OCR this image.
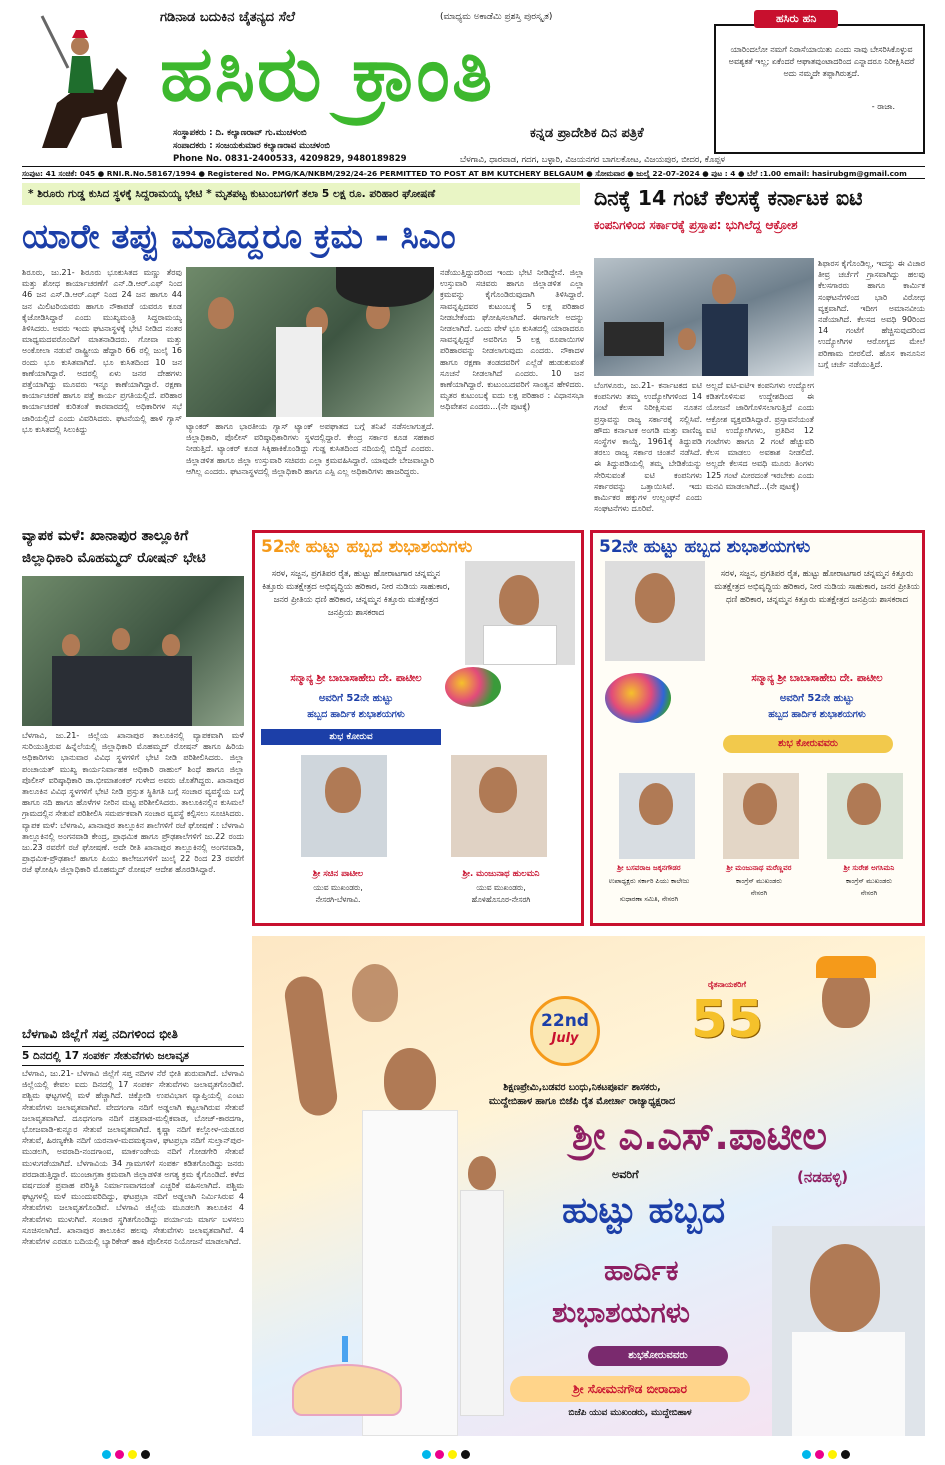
ಗಡಿನಾಡ ಬದುಕಿನ ಚೈತನ್ಯದ ಸೆಲೆ	(ಮಾಧ್ಯಮ ಅಕಾಡೆಮಿ ಪ್ರಶಸ್ತಿ ಪುರಸ್ಕೃತ)
ಹಸಿರು ಕ್ರಾಂತಿ
ಕನ್ನಡ ಪ್ರಾದೇಶಿಕ ದಿನ ಪತ್ರಿಕೆ
ಸಂಸ್ಥಾಪಕರು : ದಿ. ಕಲ್ಯಾಣರಾವ್ ಗು.ಮುಚಳಂಬಿ
ಸಂಪಾದಕರು : ಸಂಜಯಕುಮಾರ ಕಲ್ಯಾಣರಾವ ಮುಚಳಂಬಿ
Phone No. 0831-2400533, 4209829, 9480189829	ಬೆಳಗಾವಿ, ಧಾರವಾಡ, ಗದಗ, ಬಳ್ಳಾರಿ, ವಿಜಯನಗರ ಬಾಗಲಕೋಟ, ವಿಜಯಪುರ, ಬೀದರ, ಕೊಪ್ಪಳ
ಹಸಿರು ಹನಿ
ಯಾರಿಂದಲೋ ನಮಗೆ ನಿರಾಸೆಯಾಯಿತು ಎಂದು ನಾವು ಬೇಸರಿಸಿಕೊಳ್ಳುವ ಅವಶ್ಯಕತೆ ಇಲ್ಲ; ಏಕೆಂದರೆ ಆಘಾತವುಂಟಾದರಿಂದ ಎನ್ನಾದರೂ ನಿರೀಕ್ಷಿಸಿದರೆ ಅದು ನಮ್ಮದೇ ತಪ್ಪಾಗಿರುತ್ತದೆ.
- ರಾಜಾ.
ಸಂಪುಟ: 41 ಸಂಚಿಕೆ: 045 ● RNI.R.No.58167/1994 ● Registered No. PMG/KA/NKBM/292/24-26 PERMITTED TO POST AT BM KUTCHERY BELGAUM ● ಸೋಮವಾರ ● ಜುಲೈ 22-07-2024 ● ಪುಟ : 4 ● ಬೆಲೆ :1.00 email: hasirubgm@gmail.com
* ಶಿರೂರು ಗುಡ್ಡ ಕುಸಿದ ಸ್ಥಳಕ್ಕೆ ಸಿದ್ದರಾಮಯ್ಯ ಭೇಟಿ * ಮೃತಪಟ್ಟ ಕುಟುಂಬಗಳಿಗೆ ತಲಾ 5 ಲಕ್ಷ ರೂ. ಪರಿಹಾರ ಘೋಷಣೆ
ಯಾರೇ ತಪ್ಪು ಮಾಡಿದ್ದರೂ ಕ್ರಮ - ಸಿಎಂ
ಶಿರೂರು, ಜು.21- ಶಿರೂರು ಭೂಕುಸಿತದ ಮಣ್ಣು ತೆರವು ಮತ್ತು ಶೋಧ ಕಾರ್ಯಾಚರಣೆಗೆ ಎನ್.ಡಿ.ಆರ್.ಎಫ್ ನಿಂದ 46 ಜನ ಎಸ್.ಡಿ.ಆರ್.ಎಫ್ ನಿಂದ 24 ಜನ ಹಾಗೂ 44 ಜನ ಮಿಲಿಟರಿಯವರು ಹಾಗೂ ನೌಕಾಪಡೆ ಯವರೂ ಕೂಡ ಕೈಜೋಡಿಸಿದ್ದಾರೆ ಎಂದು ಮುಖ್ಯಮಂತ್ರಿ ಸಿದ್ದರಾಮಯ್ಯ ತಿಳಿಸಿದರು. ಅವರು ಇಂದು ಘಟನಾಸ್ಥಳಕ್ಕೆ ಭೇಟಿ ನೀಡಿದ ನಂತರ ಮಾಧ್ಯಮದವರೊಂದಿಗೆ ಮಾತನಾಡಿದರು. ಗೋವಾ ಮತ್ತು ಅಂಕೋಲಾ ನಡುವೆ ರಾಷ್ಟ್ರೀಯ ಹೆದ್ದಾರಿ 66 ರಲ್ಲಿ ಜುಲೈ 16 ರಂದು ಭೂ ಕುಸಿತವಾಗಿದೆ. ಭೂ ಕುಸಿತದಿಂದ 10 ಜನ ಕಾಣೆಯಾಗಿದ್ದಾರೆ. ಅದರಲ್ಲಿ ಏಳು ಜನರ ದೇಹಗಳು ಪತ್ತೆಯಾಗಿದ್ದು ಮೂವರು ಇನ್ನೂ ಕಾಣೆಯಾಗಿದ್ದಾರೆ. ರಕ್ಷಣಾ ಕಾರ್ಯಾಚರಣೆ ಹಾಗೂ ಪತ್ತೆ ಕಾರ್ಯ ಪ್ರಗತಿಯಲ್ಲಿದೆ. ಪರಿಹಾರ ಕಾರ್ಯಾಚರಣೆ ಕುರಿತಂತೆ ಕಾರವಾರದಲ್ಲಿ ಅಧಿಕಾರಿಗಳ ಸಭೆ ಜಾರಿಯಲ್ಲಿದೆ ಎಂದು ವಿವರಿಸಿದರು. ಘಟನೆಯಲ್ಲಿ ಹಾಳಿ ಗ್ಯಾಸ್ ಭೂ ಕುಸಿತದಲ್ಲಿ ಸಿಲುಕಿದ್ದು	ಟ್ಯಾಂಕರ್ ಹಾಗೂ ಭಾರತೀಯ ಗ್ಯಾಸ್ ಟ್ಯಾಂಕ್ ಅಪಘಾತದ ಬಗ್ಗೆ ತನಿಖೆ ನಡೆಸಲಾಗುತ್ತದೆ. ಜಿಲ್ಲಾಧಿಕಾರಿ, ಪೊಲೀಸ್ ವರಿಷ್ಠಾಧಿಕಾರಿಗಳು ಸ್ಥಳದಲ್ಲಿದ್ದಾರೆ. ಕೇಂದ್ರ ಸರ್ಕಾರ ಕೂಡ ಸಹಕಾರ ನೀಡುತ್ತಿದೆ. ಟ್ಯಾಂಕರ್ ಕೂಡ ಸಿಕ್ಕಿಹಾಕಿಕೊಂಡಿದ್ದು ಗುಡ್ಡ ಕುಸಿತದಿಂದ ನದಿಯಲ್ಲಿ ಬಿದ್ದಿದೆ ಎಂದರು. ಜಿಲ್ಲಾಡಳಿತ ಹಾಗೂ ಜಿಲ್ಲಾ ಉಸ್ತುವಾರಿ ಸಚಿವರು ಎಲ್ಲಾ ಕ್ರಮವಹಿಸಿದ್ದಾರೆ. ಯಾವುದೇ ಬೇಜವಾಬ್ದಾರಿ ಆಗಿಲ್ಲ ಎಂದರು. ಘಟನಾಸ್ಥಳದಲ್ಲಿ ಜಿಲ್ಲಾಧಿಕಾರಿ ಹಾಗೂ ಎಸ್ಪಿ ಎಲ್ಲ ಅಧಿಕಾರಿಗಳು ಹಾಜರಿದ್ದರು.
ನಡೆಯುತ್ತಿದ್ದುದರಿಂದ ಇಂದು ಭೇಟಿ ನೀಡಿದ್ದೇನೆ. ಜಿಲ್ಲಾ ಉಸ್ತುವಾರಿ ಸಚಿವರು ಹಾಗೂ ಜಿಲ್ಲಾಡಳಿತ ಎಲ್ಲಾ ಕ್ರಮವನ್ನು ಕೈಗೊಂಡಿರುವುದಾಗಿ ತಿಳಿಸಿದ್ದಾರೆ. ಸಾವನ್ನಪ್ಪಿದವರ ಕುಟುಂಬಕ್ಕೆ 5 ಲಕ್ಷ ಪರಿಹಾರ ನೀಡಬೇಕೆಂದು ಘೋಷಿಸಲಾಗಿದೆ. ಈಗಾಗಲೇ ಅದನ್ನು ನೀಡಲಾಗಿದೆ. ಒಂದು ವೇಳೆ ಭೂ ಕುಸಿತದಲ್ಲಿ ಯಾರಾದರೂ ಸಾವನ್ನಪ್ಪಿದ್ದರೆ ಅವರಿಗೂ 5 ಲಕ್ಷ ರೂಪಾಯಿಗಳ ಪರಿಹಾರವನ್ನು ನೀಡಲಾಗುವುದು ಎಂದರು. ನೌಕಾದಳ ಹಾಗೂ ರಕ್ಷಣಾ ತಂಡದವರಿಗೆ ಎಲ್ಲೆಡೆ ಹುಡುಕುವಂತೆ ಸೂಚನೆ ನೀಡಲಾಗಿದೆ ಎಂದರು. 10 ಜನ ಕಾಣೆಯಾಗಿದ್ದಾರೆ. ಕುಟುಂಬದವರಿಗೆ ಸಾಂತ್ವನ ಹೇಳಿದರು. ಮೃತರ ಕುಟುಂಬಕ್ಕೆ ಐದು ಲಕ್ಷ ಪರಿಹಾರ : ವಿಧಾನಸಭಾ ಅಧಿವೇಶನ ಎಂದರು...(ನೇ ಪುಟಕ್ಕೆ)
ದಿನಕ್ಕೆ 14 ಗಂಟೆ ಕೆಲಸಕ್ಕೆ ಕರ್ನಾಟಕ ಐಟಿ
ಕಂಪನಿಗಳಿಂದ ಸರ್ಕಾರಕ್ಕೆ ಪ್ರಸ್ತಾಪ: ಭುಗಿಲೆದ್ದ ಆಕ್ರೋಶ
ಶಿಫಾರಸ ಕೈಗೊಂಡಿಲ್ಲ, ಇದನ್ನು ಈ ವಿಚಾರ ತೀವ್ರ ಚರ್ಚೆಗೆ ಗ್ರಾಸವಾಗಿದ್ದು ಹಲವು ಕೆಲಸಗಾರರು ಹಾಗೂ ಕಾರ್ಮಿಕ ಸಂಘಟನೆಗಳಿಂದ ಭಾರಿ ವಿರೋಧ ವ್ಯಕ್ತವಾಗಿದೆ. ಇದೀಗ ಅಮಾನವೀಯ ನಡೆಯಾಗಿದೆ. ಕೆಲಸದ ಅವಧಿ 90ರಿಂದ 14 ಗಂಟೆಗೆ ಹೆಚ್ಚಿಸುವುದರಿಂದ ಉದ್ಯೋಗಿಗಳ ಆರೋಗ್ಯದ ಮೇಲೆ ಪರಿಣಾಮ ಬೀರಲಿದೆ. ಹೊಸ ಕಾನೂನಿನ ಬಗ್ಗೆ ಚರ್ಚೆ ನಡೆಯುತ್ತಿದೆ.
ಬೆಂಗಳೂರು, ಜು.21- ಕರ್ನಾಟಕದ ಐಟಿ ಕಂಪನಿಗಳು ತಮ್ಮ ಉದ್ಯೋಗಿಗಳಿಂದ 14 ಗಂಟೆ ಕೆಲಸ ನಿರೀಕ್ಷಿಸುವ ನೂತನ ಪ್ರಸ್ತಾವನ್ನು ರಾಜ್ಯ ಸರ್ಕಾರಕ್ಕೆ ಸಲ್ಲಿಸಿವೆ. ಹೌದು ಕರ್ನಾಟಕ ಅಂಗಡಿ ಮತ್ತು ವಾಣಿಜ್ಯ ಸಂಸ್ಥೆಗಳ ಕಾಯ್ದೆ, 1961ಕ್ಕೆ ತಿದ್ದುಪಡಿ ತರಲು ರಾಜ್ಯ ಸರ್ಕಾರ ಚಿಂತನೆ ನಡೆಸಿದೆ. ಈ ತಿದ್ದುಪಡಿಯಲ್ಲಿ ತಮ್ಮ ಬೇಡಿಕೆಯನ್ನು ಸೇರಿಸುವಂತೆ ಐಟಿ ಕಂಪನಿಗಳು ಸರ್ಕಾರವನ್ನು ಒತ್ತಾಯಿಸಿವೆ. ಇದು ಕಾರ್ಮಿಕರ ಹಕ್ಕುಗಳ ಉಲ್ಲಂಘನೆ ಎಂದು ಸಂಘಟನೆಗಳು ದೂರಿವೆ.
ಅಲ್ಲದೆ ಐಟಿ-ಐಟಿಇ ಕಂಪನಿಗಳು ಉದ್ಯೋಗ ಕಡಿತಗೊಳಿಸುವ ಉದ್ದೇಶದಿಂದ ಈ ಯೋಜನೆ ಜಾರಿಗೊಳಿಸಲಾಗುತ್ತಿದೆ ಎಂದು ಆಕ್ರೋಶ ವ್ಯಕ್ತಪಡಿಸಿದ್ದಾರೆ. ಪ್ರಸ್ತಾವನೆಯಂತೆ ಐಟಿ ಉದ್ಯೋಗಿಗಳು, ಪ್ರತಿದಿನ 12 ಗಂಟೆಗಳು ಹಾಗೂ 2 ಗಂಟೆ ಹೆಚ್ಚುವರಿ ಕೆಲಸ ಮಾಡಲು ಅವಕಾಶ ನೀಡಲಿದೆ. ಅಲ್ಲದೇ ಕೆಲಸದ ಅವಧಿ ಮೂರು ತಿಂಗಳು 125 ಗಂಟೆ ಮೀರದಂತೆ ಇರಬೇಕು ಎಂದು ಮನವಿ ಮಾಡಲಾಗಿದೆ...(ನೇ ಪುಟಕ್ಕೆ)
ವ್ಯಾಪಕ ಮಳೆ: ಖಾನಾಪುರ ತಾಲ್ಲೂಕಿಗೆ
ಜಿಲ್ಲಾಧಿಕಾರಿ ಮೊಹಮ್ಮದ್ ರೋಷನ್ ಭೇಟಿ
ಬೆಳಗಾವಿ, ಜು.21- ಜಿಲ್ಲೆಯ ಖಾನಾಪುರ ತಾಲೂಕಿನಲ್ಲಿ ವ್ಯಾಪಕವಾಗಿ ಮಳೆ ಸುರಿಯುತ್ತಿರುವ ಹಿನ್ನೆಲೆಯಲ್ಲಿ ಜಿಲ್ಲಾಧಿಕಾರಿ ಮೊಹಮ್ಮದ್ ರೋಷನ್ ಹಾಗೂ ಹಿರಿಯ ಅಧಿಕಾರಿಗಳು ಭಾನುವಾರ ವಿವಿಧ ಸ್ಥಳಗಳಿಗೆ ಭೇಟಿ ನೀಡಿ ಪರಿಶೀಲಿಸಿದರು. ಜಿಲ್ಲಾ ಪಂಚಾಯತ್ ಮುಖ್ಯ ಕಾರ್ಯನಿರ್ವಾಹಕ ಅಧಿಕಾರಿ ರಾಹುಲ್ ಶಿಂಧೆ ಹಾಗೂ ಜಿಲ್ಲಾ ಪೊಲೀಸ್ ವರಿಷ್ಠಾಧಿಕಾರಿ ಡಾ.ಭೀಮಾಶಂಕರ್ ಗುಳೇದ ಅವರು ಜೊತೆಗಿದ್ದರು. ಖಾನಾಪುರ ತಾಲೂಕಿನ ವಿವಿಧ ಸ್ಥಳಗಳಿಗೆ ಭೇಟಿ ನೀಡಿ ಪ್ರಸ್ತುತ ಸ್ಥಿತಿಗತಿ ಬಗ್ಗೆ ಸಂಚಾರ ವ್ಯವಸ್ಥೆಯ ಬಗ್ಗೆ ಹಾಗೂ ನದಿ ಹಾಗೂ ಹೊಳೆಗಳ ನೀರಿನ ಮಟ್ಟ ಪರಿಶೀಲಿಸಿದರು. ತಾಲೂಕಿನಲ್ಲಿನ ಕುಸಿಮಲೆ ಗ್ರಾಮದಲ್ಲಿನ ಸೇತುವೆ ಪರಿಶೀಲಿಸಿ ಸಮರ್ಪಕವಾಗಿ ಸಂಚಾರ ವ್ಯವಸ್ಥೆ ಕಲ್ಪಿಸಲು ಸೂಚಿಸಿದರು. ವ್ಯಾಪಕ ಮಳೆ: ಬೆಳಗಾವಿ, ಖಾನಾಪುರ ತಾಲ್ಲೂಕಿನ ಶಾಲೆಗಳಿಗೆ ರಜೆ ಘೋಷಣೆ : ಬೆಳಗಾವಿ ತಾಲ್ಲೂಕಿನಲ್ಲಿ ಅಂಗನವಾಡಿ ಕೇಂದ್ರ, ಪ್ರಾಥಮಿಕ ಹಾಗೂ ಪ್ರೌಢಶಾಲೆಗಳಿಗೆ ಜು.22 ರಂದು ಜು.23 ರವರೆಗೆ ರಜೆ ಘೋಷಣೆ. ಅದೇ ರೀತಿ ಖಾನಾಪುರ ತಾಲ್ಲೂಕಿನಲ್ಲಿ ಅಂಗನವಾಡಿ, ಪ್ರಾಥಮಿಕ-ಪ್ರೌಢಶಾಲೆ ಹಾಗೂ ಪಿಯು ಕಾಲೇಜುಗಳಿಗೆ ಜುಲೈ 22 ರಿಂದ 23 ರವರೆಗೆ ರಜೆ ಘೋಷಿಸಿ ಜಿಲ್ಲಾಧಿಕಾರಿ ಮೊಹಮ್ಮದ್ ರೋಷನ್ ಆದೇಶ ಹೊರಡಿಸಿದ್ದಾರೆ.
ಬೆಳಗಾವಿ ಜಿಲ್ಲೆಗೆ ಸಪ್ತ ನದಿಗಳಿಂದ ಭೀತಿ
5 ದಿನದಲ್ಲಿ 17 ಸಂಪರ್ಕ ಸೇತುವೆಗಳು ಜಲಾವೃತ
ಬೆಳಗಾವಿ, ಜು.21- ಬೆಳಗಾವಿ ಜಿಲ್ಲೆಗೆ ಸಪ್ತ ನದಿಗಳ ನೆರೆ ಭೀತಿ ಶುರುವಾಗಿದೆ. ಬೆಳಗಾವಿ ಜಿಲ್ಲೆಯಲ್ಲಿ ಕೇವಲ ಐದು ದಿನದಲ್ಲಿ 17 ಸಂಪರ್ಕ ಸೇತುವೆಗಳು ಜಲಾವೃತಗೊಂಡಿವೆ. ಪಶ್ಚಿಮ ಘಟ್ಟಗಳಲ್ಲಿ ಮಳೆ ಹೆಚ್ಚಾಗಿದೆ. ಚಿಕ್ಕೋಡಿ ಉಪವಿಭಾಗ ವ್ಯಾಪ್ತಿಯಲ್ಲಿ ಎಂಟು ಸೇತುವೆಗಳು ಜಲಾವೃತವಾಗಿವೆ. ವೇದಗಂಗಾ ನದಿಗೆ ಅಡ್ಡಲಾಗಿ ಕಟ್ಟಲಾಗಿರುವ ಸೇತುವೆ ಜಲಾವೃತವಾಗಿದೆ. ದೂಧಗಂಗಾ ನದಿಗೆ ದತ್ತವಾಡ-ಮಲ್ಲಿಕವಾಡ, ಬೋಜ್-ಕಾರದಗಾ, ಭೋಜವಾಡಿ-ಕುನ್ನೂರ ಸೇತುವೆ ಜಲಾವೃತವಾಗಿದೆ. ಕೃಷ್ಣಾ ನದಿಗೆ ಕಲ್ಲೋಳ-ಯಡೂರ ಸೇತುವೆ, ಹಿರಣ್ಯಕೇಶಿ ನದಿಗೆ ಯರನಾಳ-ಮದಮಕ್ಕನಾಳ, ಘಟಪ್ರಭಾ ನದಿಗೆ ಸುಲ್ತಾನ್‌ಪುರ-ಮುಡಲಗಿ, ಅವರಾದಿ-ನಂದಗಾಂವ, ಮಾರ್ಕಂಡೇಯ ನದಿಗೆ ಗೋಡಗೇರಿ ಸೇತುವೆ ಮುಳುಗಡೆಯಾಗಿದೆ. ಬೆಳಗಾವಿಯ 34 ಗ್ರಾಮಗಳಿಗೆ ಸಂಪರ್ಕ ಕಡಿತಗೊಂಡಿದ್ದು ಜನರು ಪರದಾಡುತ್ತಿದ್ದಾರೆ. ಮುಂಜಾಗ್ರತಾ ಕ್ರಮವಾಗಿ ಜಿಲ್ಲಾಡಳಿತ ಅಗತ್ಯ ಕ್ರಮ ಕೈಗೊಂಡಿದೆ. ಕಳೆದ ವರ್ಷದಂತೆ ಪ್ರವಾಹ ಪರಿಸ್ಥಿತಿ ನಿರ್ಮಾಣವಾಗದಂತೆ ಎಚ್ಚರಿಕೆ ವಹಿಸಲಾಗಿದೆ. ಪಶ್ಚಿಮ ಘಟ್ಟಗಳಲ್ಲಿ ಮಳೆ ಮುಂದುವರಿದಿದ್ದು, ಘಟಪ್ರಭಾ ನದಿಗೆ ಅಡ್ಡಲಾಗಿ ನಿರ್ಮಿಸಿರುವ 4 ಸೇತುವೆಗಳು ಜಲಾವೃತಗೊಂಡಿವೆ. ಬೆಳಗಾವಿ ಜಿಲ್ಲೆಯ ಮೂಡಲಗಿ ತಾಲೂಕಿನ 4 ಸೇತುವೆಗಳು ಮುಳುಗಿವೆ. ಸಂಚಾರ ಸ್ಥಗಿತಗೊಂಡಿದ್ದು ಪರ್ಯಾಯ ಮಾರ್ಗ ಬಳಸಲು ಸೂಚಿಸಲಾಗಿದೆ. ಖಾನಾಪುರ ತಾಲೂಕಿನ ಹಲವು ಸೇತುವೆಗಳು ಜಲಾವೃತವಾಗಿವೆ. 4 ಸೇತುವೆಗಳ ಎರಡೂ ಬದಿಯಲ್ಲಿ ಬ್ಯಾರಿಕೇಡ್ ಹಾಕಿ ಪೊಲೀಸರ ನಿಯೋಜನೆ ಮಾಡಲಾಗಿದೆ.
52ನೇ ಹುಟ್ಟು ಹಬ್ಬದ ಶುಭಾಶಯಗಳು
ಸರಳ, ಸಜ್ಜನ, ಪ್ರಗತಿಪರ ರೈತ, ಹುಟ್ಟು ಹೋರಾಟಗಾರ ಚನ್ನಮ್ಮನ ಕಿತ್ತೂರು ಮತಕ್ಷೇತ್ರದ ಅಭಿವೃದ್ಧಿಯ ಹರಿಕಾರ, ನೀರ ನುಡಿಯ ಸಾಹುಕಾರ, ಜನರ ಪ್ರೀತಿಯ ಧಣಿ ಹರಿಕಾರ, ಚನ್ನಮ್ಮನ ಕಿತ್ತೂರು ಮತಕ್ಷೇತ್ರದ ಜನಪ್ರಿಯ ಶಾಸಕರಾದ
ಸನ್ಮಾನ್ಯ ಶ್ರೀ ಬಾಬಾಸಾಹೇಬ ದೇ. ಪಾಟೀಲ
ಅವರಿಗೆ 52ನೇ ಹುಟ್ಟು
ಹಬ್ಬದ ಹಾರ್ದಿಕ ಶುಭಾಶಯಗಳು
ಶುಭ ಕೋರುವ
ಶ್ರೀ ಸಚಿನ ಪಾಟೀಲ
ಯುವ ಮುಖಂಡರು,
ನೇಸರಗಿ-ಬೆಳಗಾವಿ.
ಶ್ರೀ. ಮಂಜುನಾಥ ಹುಲಮನಿ
ಯುವ ಮುಖಂಡರು,
ಹೊಳಿಹೊಸೂರ-ನೇಸರಗಿ
52ನೇ ಹುಟ್ಟು ಹಬ್ಬದ ಶುಭಾಶಯಗಳು
ಸರಳ, ಸಜ್ಜನ, ಪ್ರಗತಿಪರ ರೈತ, ಹುಟ್ಟು ಹೋರಾಟಗಾರ ಚನ್ನಮ್ಮನ ಕಿತ್ತೂರು ಮತಕ್ಷೇತ್ರದ ಅಭಿವೃದ್ಧಿಯ ಹರಿಕಾರ, ನೀರ ನುಡಿಯ ಸಾಹುಕಾರ, ಜನರ ಪ್ರೀತಿಯ ಧಣಿ ಹರಿಕಾರ, ಚನ್ನಮ್ಮನ ಕಿತ್ತೂರು ಮತಕ್ಷೇತ್ರದ ಜನಪ್ರಿಯ ಶಾಸಕರಾದ
ಸನ್ಮಾನ್ಯ ಶ್ರೀ ಬಾಬಾಸಾಹೇಬ ದೇ. ಪಾಟೀಲ
ಅವರಿಗೆ 52ನೇ ಹುಟ್ಟು
ಹಬ್ಬದ ಹಾರ್ದಿಕ ಶುಭಾಶಯಗಳು
ಶುಭ ಕೋರುವವರು
ಶ್ರೀ ಬಸವರಾಜ ಜಕ್ಕನಗೌಡರ
ಉಪಾಧ್ಯಕ್ಷರು ಸರ್ಕಾರಿ ಪಿಯು ಕಾಲೇಜು
ಸುಧಾರಣಾ ಸಮಿತಿ, ನೇಸರಗಿ
ಶ್ರೀ ಮಂಜುನಾಥ ಮರೆಣ್ಣವರ
ಕಾಂಗ್ರೆಸ್ ಮುಖಂಡರು
ನೇಸರಗಿ
ಶ್ರೀ ಸುರೇಶ ಅಗಸಿಮನಿ
ಕಾಂಗ್ರೆಸ್ ಮುಖಂಡರು
ನೇಸರಗಿ
22nd
July
ರೈತನಾಯಕರಿಗೆ
55
ಶಿಕ್ಷಣಪ್ರೇಮಿ,ಬಡವರ ಬಂಧು,ನಿಕಟಪೂರ್ವ ಶಾಸಕರು,
ಮುದ್ದೇಬಿಹಾಳ ಹಾಗೂ ಬಿಜೆಪಿ ರೈತ ಮೋರ್ಚಾ ರಾಜ್ಯಾಧ್ಯಕ್ಷರಾದ
ಶ್ರೀ ಎ.ಎಸ್.ಪಾಟೀಲ
ಅವರಿಗೆ	(ನಡಹಳ್ಳಿ)
ಹುಟ್ಟು ಹಬ್ಬದ
ಹಾರ್ದಿಕ
ಶುಭಾಶಯಗಳು
ಶುಭಕೋರುವವರು
ಶ್ರೀ ಸೋಮನಗೌಡ ಬೀರಾದಾರ
ಬಿಜೆಪಿ ಯುವ ಮುಖಂಡರು, ಮುದ್ದೇಬಿಹಾಳ
